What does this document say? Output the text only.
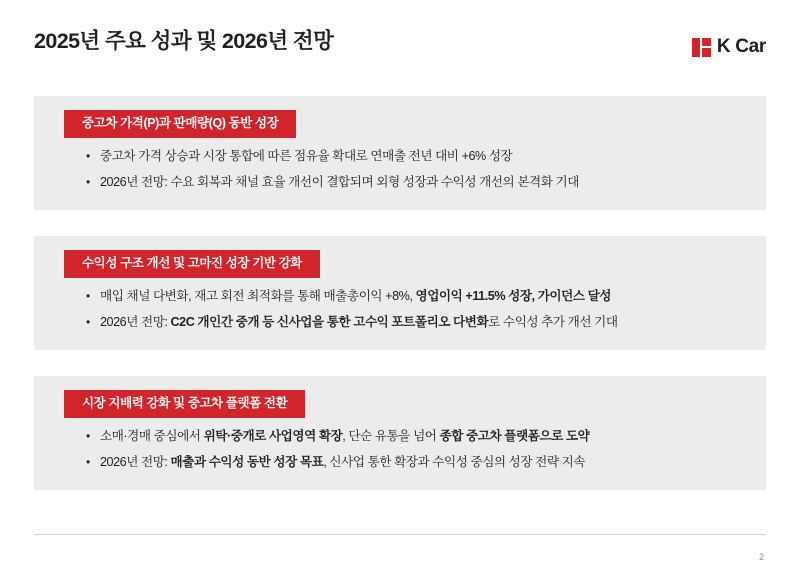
2025년 주요 성과 및 2026년 전망	K Car
중고차 가격(P)과 판매량(Q) 동반 성장
• 중고차 가격 상승과 시장 통합에 따른 점유율 확대로 연매출 전년 대비 +6% 성장
• 2026년 전망: 수요 회복과 채널 효율 개선이 결합되며 외형 성장과 수익성 개선의 본격화 기대
수익성 구조 개선 및 고마진 성장 기반 강화
• 매입 채널 다변화, 재고 회전 최적화를 통해 매출총이익 +8%, 영업이익 +11.5% 성장, 가이던스 달성
• 2026년 전망: C2C 개인간 중개 등 신사업을 통한 고수익 포트폴리오 다변화로 수익성 추가 개선 기대
시장 지배력 강화 및 중고차 플랫폼 전환
• 소매·경매 중심에서 위탁·중개로 사업영역 확장, 단순 유통을 넘어 종합 중고차 플랫폼으로 도약
• 2026년 전망: 매출과 수익성 동반 성장 목표, 신사업 통한 확장과 수익성 중심의 성장 전략 지속
2
